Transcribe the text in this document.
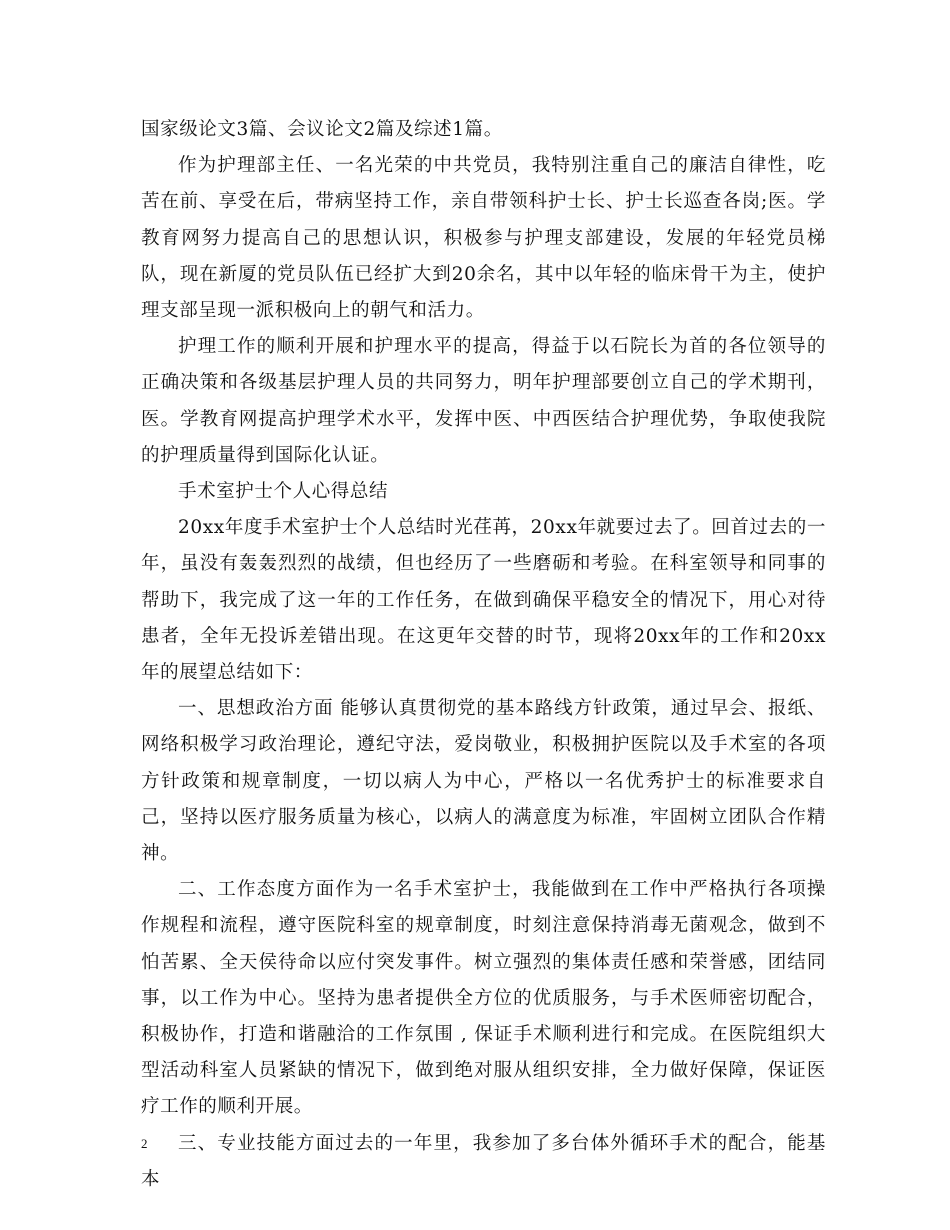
国家级论文3篇、会议论文2篇及综述1篇。

作为护理部主任、一名光荣的中共党员，我特别注重自己的廉洁自律性，吃苦在前、享受在后，带病坚持工作，亲自带领科护士长、护士长巡查各岗;医。学教育网努力提高自己的思想认识，积极参与护理支部建设，发展的年轻党员梯队，现在新厦的党员队伍已经扩大到20余名，其中以年轻的临床骨干为主，使护理支部呈现一派积极向上的朝气和活力。

护理工作的顺利开展和护理水平的提高，得益于以石院长为首的各位领导的正确决策和各级基层护理人员的共同努力，明年护理部要创立自己的学术期刊，医。学教育网提高护理学术水平，发挥中医、中西医结合护理优势，争取使我院的护理质量得到国际化认证。

手术室护士个人心得总结

20xx年度手术室护士个人总结时光荏苒，20xx年就要过去了。回首过去的一年，虽没有轰轰烈烈的战绩，但也经历了一些磨砺和考验。在科室领导和同事的帮助下，我完成了这一年的工作任务，在做到确保平稳安全的情况下，用心对待患者，全年无投诉差错出现。在这更年交替的时节，现将20xx年的工作和20xx年的展望总结如下：

一、思想政治方面 能够认真贯彻党的基本路线方针政策，通过早会、报纸、网络积极学习政治理论，遵纪守法，爱岗敬业，积极拥护医院以及手术室的各项方针政策和规章制度，一切以病人为中心，严格以一名优秀护士的标准要求自己，坚持以医疗服务质量为核心，以病人的满意度为标准，牢固树立团队合作精神。

二、工作态度方面作为一名手术室护士，我能做到在工作中严格执行各项操作规程和流程，遵守医院科室的规章制度，时刻注意保持消毒无菌观念，做到不怕苦累、全天侯待命以应付突发事件。树立强烈的集体责任感和荣誉感，团结同事，以工作为中心。坚持为患者提供全方位的优质服务，与手术医师密切配合，积极协作，打造和谐融洽的工作氛围 , 保证手术顺利进行和完成。在医院组织大型活动科室人员紧缺的情况下，做到绝对服从组织安排，全力做好保障，保证医疗工作的顺利开展。

三、专业技能方面过去的一年里，我参加了多台体外循环手术的配合，能基本

2
